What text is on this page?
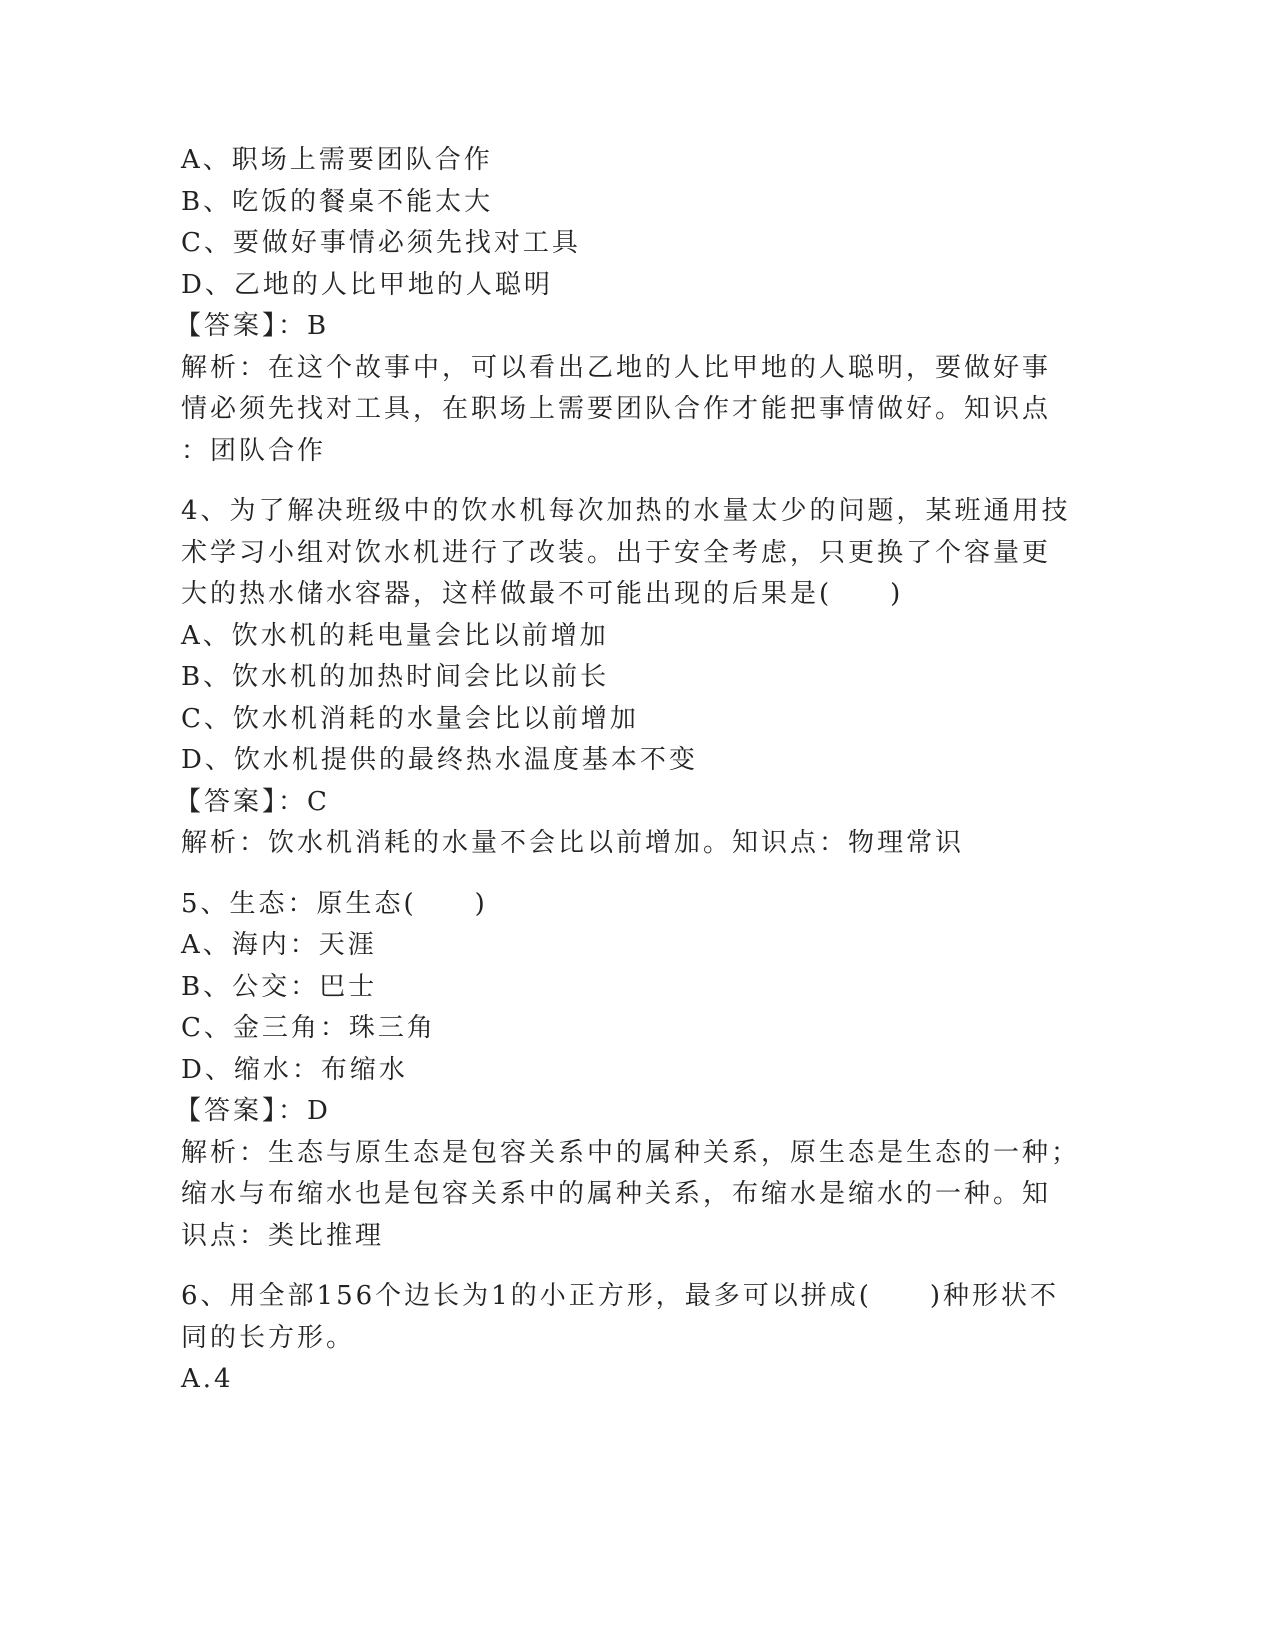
A、职场上需要团队合作
B、吃饭的餐桌不能太大
C、要做好事情必须先找对工具
D、乙地的人比甲地的人聪明
【答案】：B
解析：在这个故事中，可以看出乙地的人比甲地的人聪明，要做好事
情必须先找对工具，在职场上需要团队合作才能把事情做好。知识点
：团队合作
4、为了解决班级中的饮水机每次加热的水量太少的问题，某班通用技
术学习小组对饮水机进行了改装。出于安全考虑，只更换了个容量更
大的热水储水容器，这样做最不可能出现的后果是(　　)
A、饮水机的耗电量会比以前增加
B、饮水机的加热时间会比以前长
C、饮水机消耗的水量会比以前增加
D、饮水机提供的最终热水温度基本不变
【答案】：C
解析：饮水机消耗的水量不会比以前增加。知识点：物理常识
5、生态：原生态(　　)
A、海内：天涯
B、公交：巴士
C、金三角：珠三角
D、缩水：布缩水
【答案】：D
解析：生态与原生态是包容关系中的属种关系，原生态是生态的一种；
缩水与布缩水也是包容关系中的属种关系，布缩水是缩水的一种。知
识点：类比推理
6、用全部156个边长为1的小正方形，最多可以拼成(　　)种形状不
同的长方形。
A.4
